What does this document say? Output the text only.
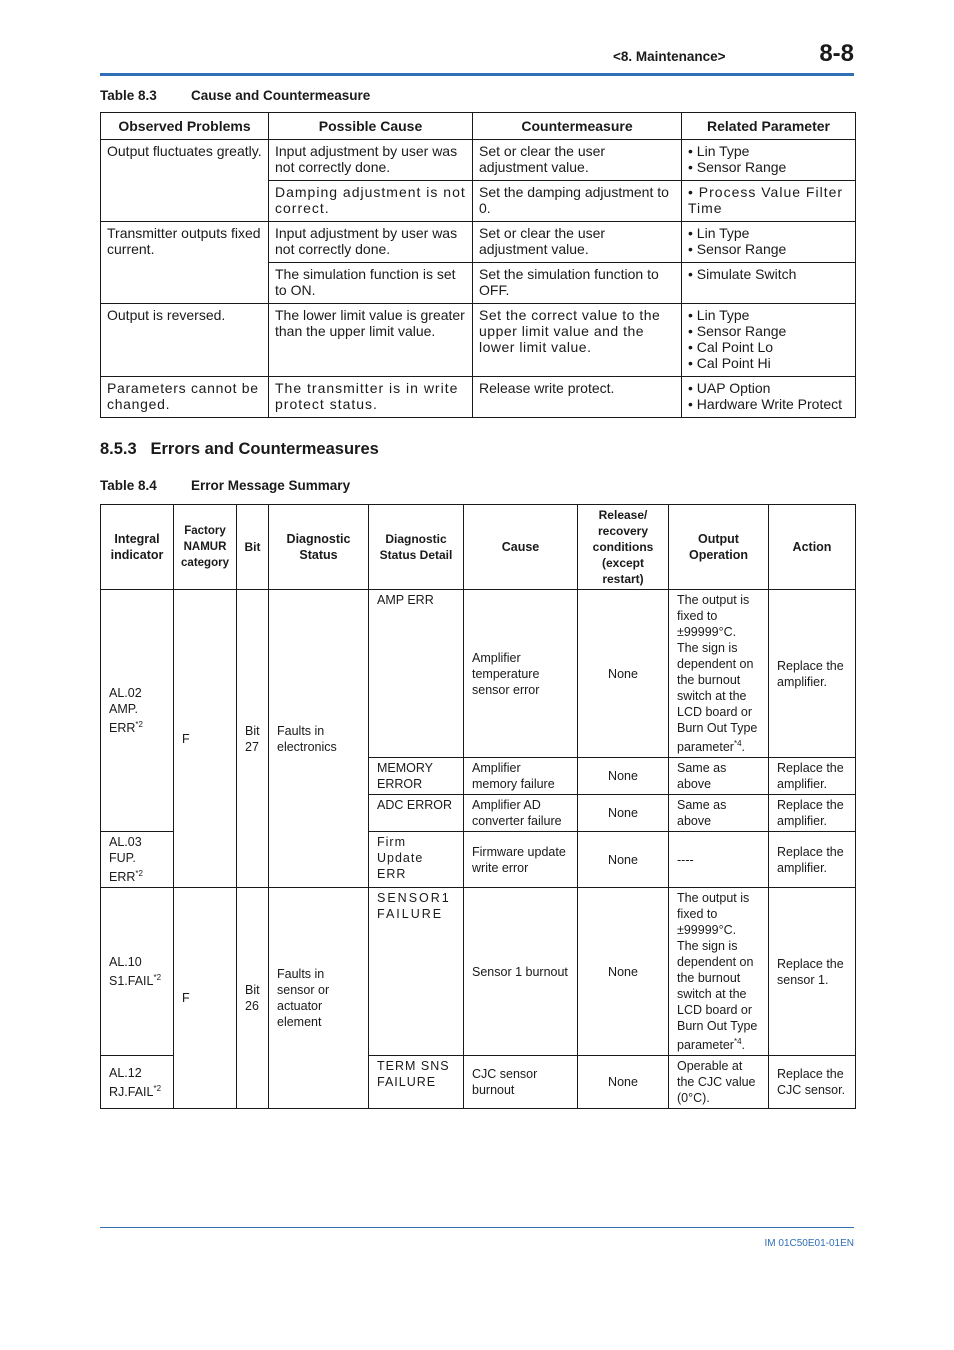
<8. Maintenance>	8-8
Table 8.3	Cause and Countermeasure
Observed Problems	Possible Cause	Countermeasure	Related Parameter
Output fluctuates greatly.	Input adjustment by user was not correctly done.	Set or clear the user adjustment value.	• Lin Type
• Sensor Range

	Damping adjustment is not correct.	Set the damping adjustment to 0.	• Process Value Filter Time

Transmitter outputs fixed current.	Input adjustment by user was not correctly done.	Set or clear the user adjustment value.	• Lin Type
• Sensor Range

	The simulation function is set to ON.	Set the simulation function to OFF.	• Simulate Switch

Output is reversed.	The lower limit value is greater than the upper limit value.	Set the correct value to the upper limit value and the lower limit value.	• Lin Type
• Sensor Range
• Cal Point Lo
• Cal Point Hi

Parameters cannot be changed.	The transmitter is in write protect status.	Release write protect.	• UAP Option
• Hardware Write Protect
8.5.3 Errors and Countermeasures
Table 8.4	Error Message Summary
Integral indicator	Factory NAMUR category	Bit	Diagnostic Status	Diagnostic Status Detail	Cause	Release/ recovery conditions (except restart)	Output Operation	Action
AL.02 AMP. ERR$^{*2}$	F	Bit 27	Faults in electronics	AMP ERR	Amplifier temperature sensor error	None	The output is fixed to ±99999°C. The sign is dependent on the burnout switch at the LCD board or Burn Out Type parameter$^{*4}$.	Replace the amplifier.
				MEMORY ERROR	Amplifier memory failure	None	Same as above	Replace the amplifier.
				ADC ERROR	Amplifier AD converter failure	None	Same as above	Replace the amplifier.
AL.03 FUP. ERR$^{*2}$				Firm Update ERR	Firmware update write error	None	----	Replace the amplifier.
AL.10 S1.FAIL$^{*2}$	F	Bit 26	Faults in sensor or actuator element	SENSOR1 FAILURE	Sensor 1 burnout	None	The output is fixed to ±99999°C. The sign is dependent on the burnout switch at the LCD board or Burn Out Type parameter$^{*4}$.	Replace the sensor 1.
AL.12 RJ.FAIL$^{*2}$				TERM SNS FAILURE	CJC sensor burnout	None	Operable at the CJC value (0°C).	Replace the CJC sensor.
IM 01C50E01-01EN
